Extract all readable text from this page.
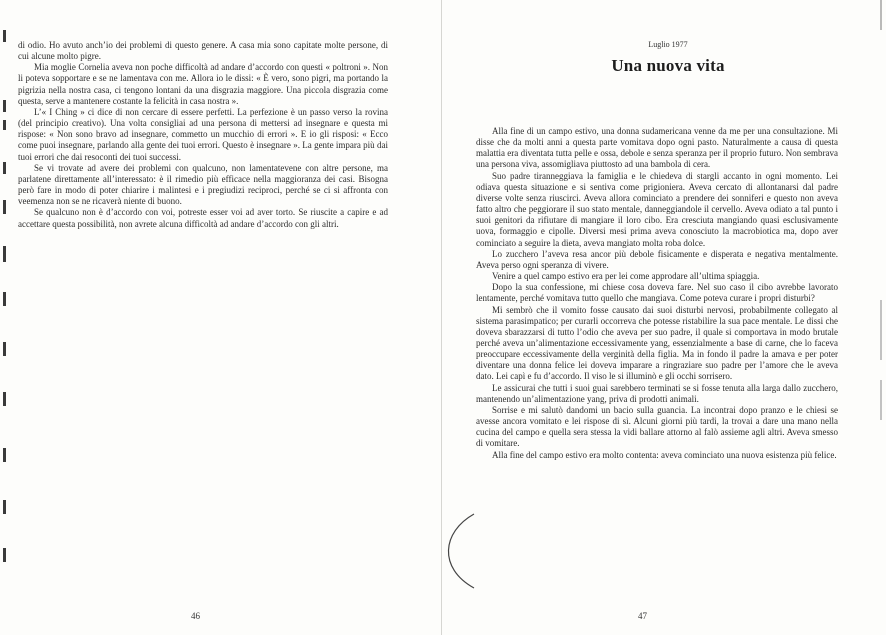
di odio. Ho avuto anch’io dei problemi di questo genere. A casa mia sono capitate molte persone, di cui alcune molto pigre.

Mia moglie Cornelia aveva non poche difficoltà ad andare d’accordo con questi « poltroni ». Non li poteva sopportare e se ne lamentava con me. Allora io le dissi: « È vero, sono pigri, ma portando la pigrizia nella nostra casa, ci tengono lontani da una disgrazia maggiore. Una piccola disgrazia come questa, serve a mantenere costante la felicità in casa nostra ».

L’« I Ching » ci dice di non cercare di essere perfetti. La perfezione è un passo verso la rovina (del principio creativo). Una volta consigliai ad una persona di mettersi ad insegnare e questa mi rispose: « Non sono bravo ad insegnare, commetto un mucchio di errori ». E io gli risposi: « Ecco come puoi insegnare, parlando alla gente dei tuoi errori. Questo è insegnare ». La gente impara più dai tuoi errori che dai resoconti dei tuoi successi.

Se vi trovate ad avere dei problemi con qualcuno, non lamentatevene con altre persone, ma parlatene direttamente all’interessato: è il rimedio più efficace nella maggioranza dei casi. Bisogna però fare in modo di poter chiarire i malintesi e i pregiudizi reciproci, perché se ci si affronta con veemenza non se ne ricaverà niente di buono.

Se qualcuno non è d’accordo con voi, potreste esser voi ad aver torto. Se riuscite a capire e ad accettare questa possibilità, non avrete alcuna difficoltà ad andare d’accordo con gli altri.

46
Luglio 1977
Una nuova vita

Alla fine di un campo estivo, una donna sudamericana venne da me per una consultazione. Mi disse che da molti anni a questa parte vomitava dopo ogni pasto. Naturalmente a causa di questa malattia era diventata tutta pelle e ossa, debole e senza speranza per il proprio futuro. Non sembrava una persona viva, assomigliava piuttosto ad una bambola di cera.

Suo padre tiranneggiava la famiglia e le chiedeva di stargli accanto in ogni momento. Lei odiava questa situazione e si sentiva come prigioniera. Aveva cercato di allontanarsi dal padre diverse volte senza riuscirci. Aveva allora cominciato a prendere dei sonniferi e questo non aveva fatto altro che peggiorare il suo stato mentale, danneggiandole il cervello. Aveva odiato a tal punto i suoi genitori da rifiutare di mangiare il loro cibo. Era cresciuta mangiando quasi esclusivamente uova, formaggio e cipolle. Diversi mesi prima aveva conosciuto la macrobiotica ma, dopo aver cominciato a seguire la dieta, aveva mangiato molta roba dolce.

Lo zucchero l’aveva resa ancor più debole fisicamente e disperata e negativa mentalmente. Aveva perso ogni speranza di vivere.

Venire a quel campo estivo era per lei come approdare all’ultima spiaggia.

Dopo la sua confessione, mi chiese cosa doveva fare. Nel suo caso il cibo avrebbe lavorato lentamente, perché vomitava tutto quello che mangiava. Come poteva curare i propri disturbi?

Mi sembrò che il vomito fosse causato dai suoi disturbi nervosi, probabilmente collegato al sistema parasimpatico; per curarli occorreva che potesse ristabilire la sua pace mentale. Le dissi che doveva sbarazzarsi di tutto l’odio che aveva per suo padre, il quale si comportava in modo brutale perché aveva un’alimentazione eccessivamente yang, essenzialmente a base di carne, che lo faceva preoccupare eccessivamente della verginità della figlia. Ma in fondo il padre la amava e per poter diventare una donna felice lei doveva imparare a ringraziare suo padre per l’amore che le aveva dato. Lei capì e fu d’accordo. Il viso le si illuminò e gli occhi sorrisero.

Le assicurai che tutti i suoi guai sarebbero terminati se si fosse tenuta alla larga dallo zucchero, mantenendo un’alimentazione yang, priva di prodotti animali.

Sorrise e mi salutò dandomi un bacio sulla guancia. La incontrai dopo pranzo e le chiesi se avesse ancora vomitato e lei rispose di sì. Alcuni giorni più tardi, la trovai a dare una mano nella cucina del campo e quella sera stessa la vidi ballare attorno al falò assieme agli altri. Aveva smesso di vomitare.

Alla fine del campo estivo era molto contenta: aveva cominciato una nuova esistenza più felice.

47
